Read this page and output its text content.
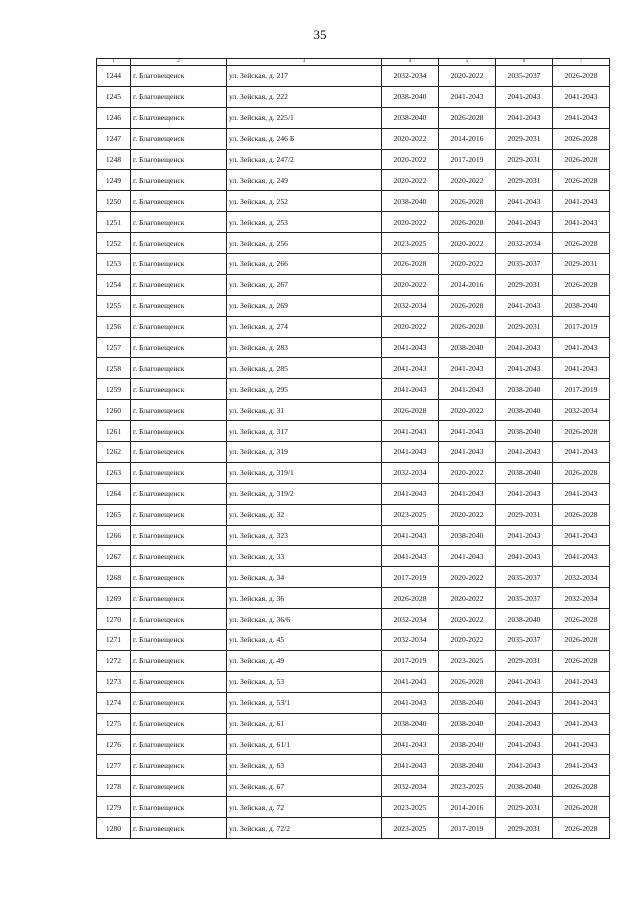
35
1	2	3	4	5	6	7
1244	г. Благовещенск	ул. Зейская, д. 217	2032-2034	2020-2022	2035-2037	2026-2028
1245	г. Благовещенск	ул. Зейская, д. 222	2038-2040	2041-2043	2041-2043	2041-2043
1246	г. Благовещенск	ул. Зейская, д. 225/1	2038-2040	2026-2028	2041-2043	2041-2043
1247	г. Благовещенск	ул. Зейская, д. 246 Б	2020-2022	2014-2016	2029-2031	2026-2028
1248	г. Благовещенск	ул. Зейская, д. 247/2	2020-2022	2017-2019	2029-2031	2026-2028
1249	г. Благовещенск	ул. Зейская, д. 249	2020-2022	2020-2022	2029-2031	2026-2028
1250	г. Благовещенск	ул. Зейская, д. 252	2038-2040	2026-2028	2041-2043	2041-2043
1251	г. Благовещенск	ул. Зейская, д. 253	2020-2022	2026-2028	2041-2043	2041-2043
1252	г. Благовещенск	ул. Зейская, д. 256	2023-2025	2020-2022	2032-2034	2026-2028
1253	г. Благовещенск	ул. Зейская, д. 266	2026-2028	2020-2022	2035-2037	2029-2031
1254	г. Благовещенск	ул. Зейская, д. 267	2020-2022	2014-2016	2029-2031	2026-2028
1255	г. Благовещенск	ул. Зейская, д. 269	2032-2034	2026-2028	2041-2043	2038-2040
1256	г. Благовещенск	ул. Зейская, д. 274	2020-2022	2026-2028	2029-2031	2017-2019
1257	г. Благовещенск	ул. Зейская, д. 283	2041-2043	2038-2040	2041-2043	2041-2043
1258	г. Благовещенск	ул. Зейская, д. 285	2041-2043	2041-2043	2041-2043	2041-2043
1259	г. Благовещенск	ул. Зейская, д. 295	2041-2043	2041-2043	2038-2040	2017-2019
1260	г. Благовещенск	ул. Зейская, д. 31	2026-2028	2020-2022	2038-2040	2032-2034
1261	г. Благовещенск	ул. Зейская, д. 317	2041-2043	2041-2043	2038-2040	2026-2028
1262	г. Благовещенск	ул. Зейская, д. 319	2041-2043	2041-2043	2041-2043	2041-2043
1263	г. Благовещенск	ул. Зейская, д. 319/1	2032-2034	2020-2022	2038-2040	2026-2028
1264	г. Благовещенск	ул. Зейская, д. 319/2	2041-2043	2041-2043	2041-2043	2041-2043
1265	г. Благовещенск	ул. Зейская, д. 32	2023-2025	2020-2022	2029-2031	2026-2028
1266	г. Благовещенск	ул. Зейская, д. 323	2041-2043	2038-2040	2041-2043	2041-2043
1267	г. Благовещенск	ул. Зейская, д. 33	2041-2043	2041-2043	2041-2043	2041-2043
1268	г. Благовещенск	ул. Зейская, д. 34	2017-2019	2020-2022	2035-2037	2032-2034
1269	г. Благовещенск	ул. Зейская, д. 36	2026-2028	2020-2022	2035-2037	2032-2034
1270	г. Благовещенск	ул. Зейская, д. 36/6	2032-2034	2020-2022	2038-2040	2026-2028
1271	г. Благовещенск	ул. Зейская, д. 45	2032-2034	2020-2022	2035-2037	2026-2028
1272	г. Благовещенск	ул. Зейская, д. 49	2017-2019	2023-2025	2029-2031	2026-2028
1273	г. Благовещенск	ул. Зейская, д. 53	2041-2043	2026-2028	2041-2043	2041-2043
1274	г. Благовещенск	ул. Зейская, д. 53/1	2041-2043	2038-2040	2041-2043	2041-2043
1275	г. Благовещенск	ул. Зейская, д. 61	2038-2040	2038-2040	2041-2043	2041-2043
1276	г. Благовещенск	ул. Зейская, д. 61/1	2041-2043	2038-2040	2041-2043	2041-2043
1277	г. Благовещенск	ул. Зейская, д. 63	2041-2043	2038-2040	2041-2043	2041-2043
1278	г. Благовещенск	ул. Зейская, д. 67	2032-2034	2023-2025	2038-2040	2026-2028
1279	г. Благовещенск	ул. Зейская, д. 72	2023-2025	2014-2016	2029-2031	2026-2028
1280	г. Благовещенск	ул. Зейская, д. 72/2	2023-2025	2017-2019	2029-2031	2026-2028
